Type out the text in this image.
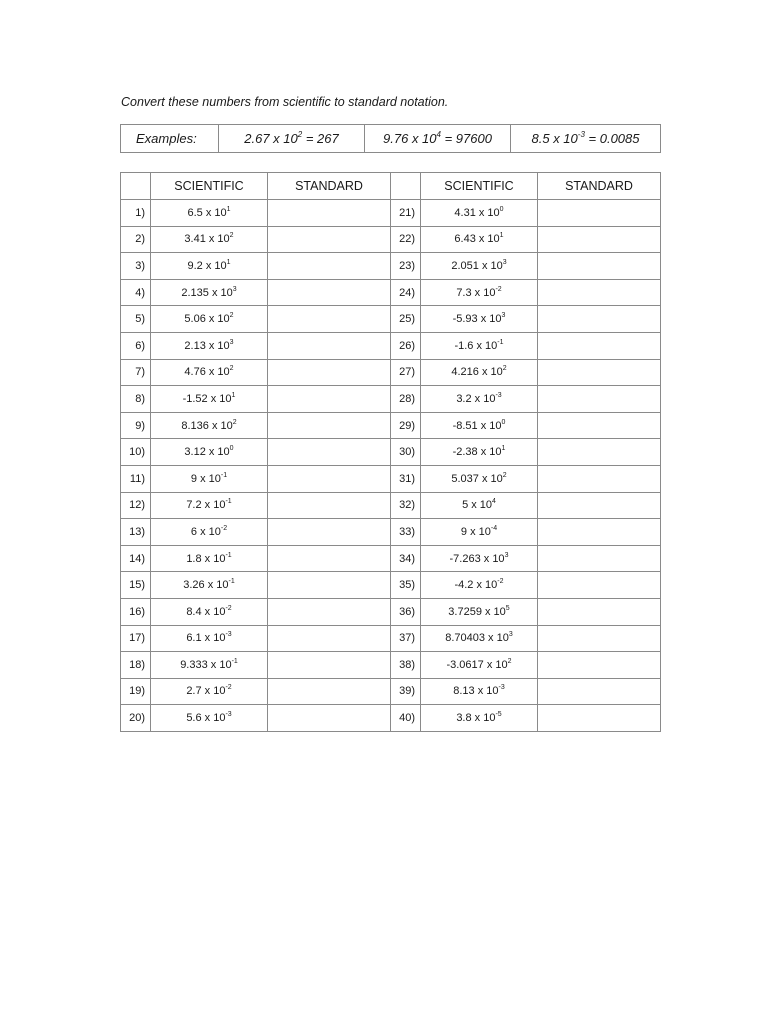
Convert these numbers from scientific to standard notation.
Examples:	2.67 x $10^2 = 267$	9.76 x $10^4 = 97600$	8.5 x $10^{-3} = 0.0085$
	SCIENTIFIC	STANDARD		SCIENTIFIC	STANDARD
1)	6.5 x $10^1$		21)	4.31 x $10^0$	
2)	3.41 x $10^2$		22)	6.43 x $10^1$	
3)	9.2 x $10^1$		23)	2.051 x $10^3$	
4)	2.135 x $10^3$		24)	7.3 x $10^{-2}$	
5)	5.06 x $10^2$		25)	-5.93 x $10^3$	
6)	2.13 x $10^3$		26)	-1.6 x $10^{-1}$	
7)	4.76 x $10^2$		27)	4.216 x $10^2$	
8)	-1.52 x $10^1$		28)	3.2 x $10^{-3}$	
9)	8.136 x $10^2$		29)	-8.51 x $10^0$	
10)	3.12 x $10^0$		30)	-2.38 x $10^1$	
11)	9 x $10^{-1}$		31)	5.037 x $10^2$	
12)	7.2 x $10^{-1}$		32)	5 x $10^4$	
13)	6 x $10^{-2}$		33)	9 x $10^{-4}$	
14)	1.8 x $10^{-1}$		34)	-7.263 x $10^3$	
15)	3.26 x $10^{-1}$		35)	-4.2 x $10^{-2}$	
16)	8.4 x $10^{-2}$		36)	3.7259 x $10^5$	
17)	6.1 x $10^{-3}$		37)	8.70403 x $10^3$	
18)	9.333 x $10^{-1}$		38)	-3.0617 x $10^2$	
19)	2.7 x $10^{-2}$		39)	8.13 x $10^{-3}$	
20)	5.6 x $10^{-3}$		40)	3.8 x $10^{-5}$	
